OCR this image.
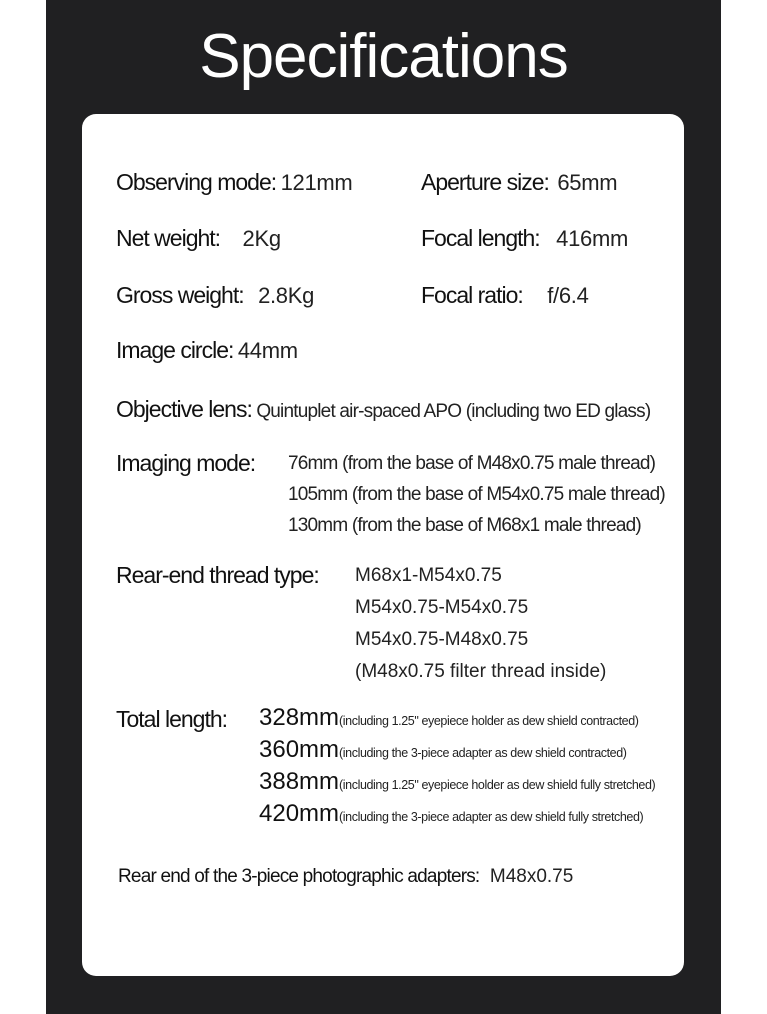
Specifications
Observing mode: 121mm	Aperture size: 65mm
Net weight: 2Kg	Focal length: 416mm
Gross weight: 2.8Kg	Focal ratio: f/6.4
Image circle: 44mm
Objective lens: Quintuplet air-spaced APO (including two ED glass)
Imaging mode: 76mm (from the base of M48x0.75 male thread)
105mm (from the base of M54x0.75 male thread)
130mm (from the base of M68x1 male thread)
Rear-end thread type: M68x1-M54x0.75
M54x0.75-M54x0.75
M54x0.75-M48x0.75
(M48x0.75 filter thread inside)
Total length: 328mm(including 1.25" eyepiece holder as dew shield contracted)
360mm(including the 3-piece adapter as dew shield contracted)
388mm(including 1.25" eyepiece holder as dew shield fully stretched)
420mm(including the 3-piece adapter as dew shield fully stretched)
Rear end of the 3-piece photographic adapters: M48x0.75
